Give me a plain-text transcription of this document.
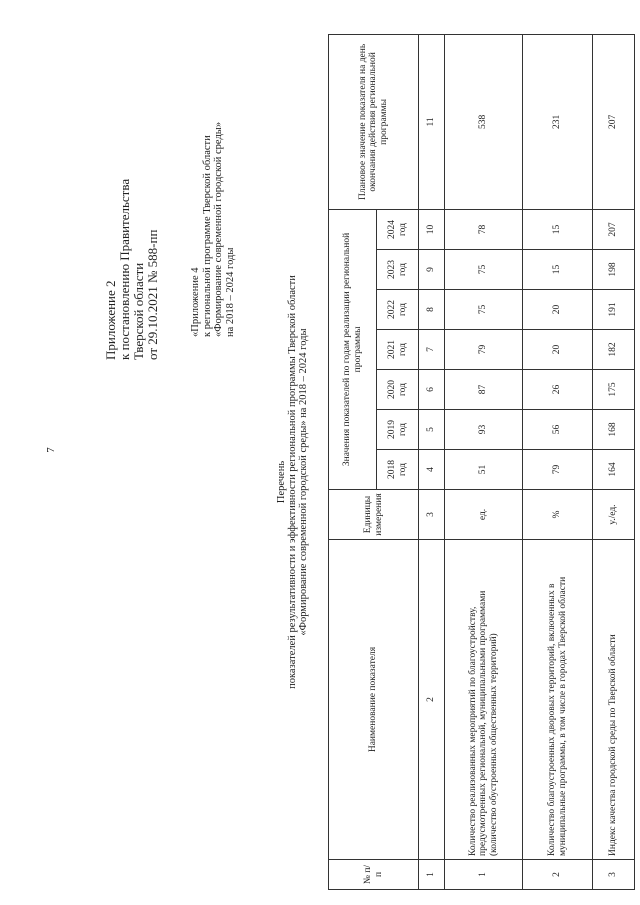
7
Приложение 2 к постановлению Правительства Тверской области от 29.10.2021 № 588-пп	«Приложение 4 к региональной программе Тверской области «Формирование современной городской среды» на 2018 – 2024 годы
Перечень показателей результативности и эффективности региональной программы Тверской области «Формирование современной городской среды» на 2018 – 2024 годы
№ п/п	Наименование показателя	Единицы измерения	Значения показателей по годам реализации региональной программы							Плановое значение показателя на день окончания действия региональной программы
			2018 год	2019 год	2020 год	2021 год	2022 год	2023 год	2024 год	
1	2	3	4	5	6	7	8	9	10	11
1	Количество реализованных мероприятий по благоустройству, предусмотренных региональной, муниципальными программами (количество обустроенных общественных территорий)	ед.	51	93	87	79	75	75	78	538
2	Количество благоустроенных дворовых территорий, включенных в муниципальные программы, в том числе в городах Тверской области	%	79	56	26	20	20	15	15	231
3	Индекс качества городской среды по Тверской области	у./ед.	164	168	175	182	191	198	207	207
